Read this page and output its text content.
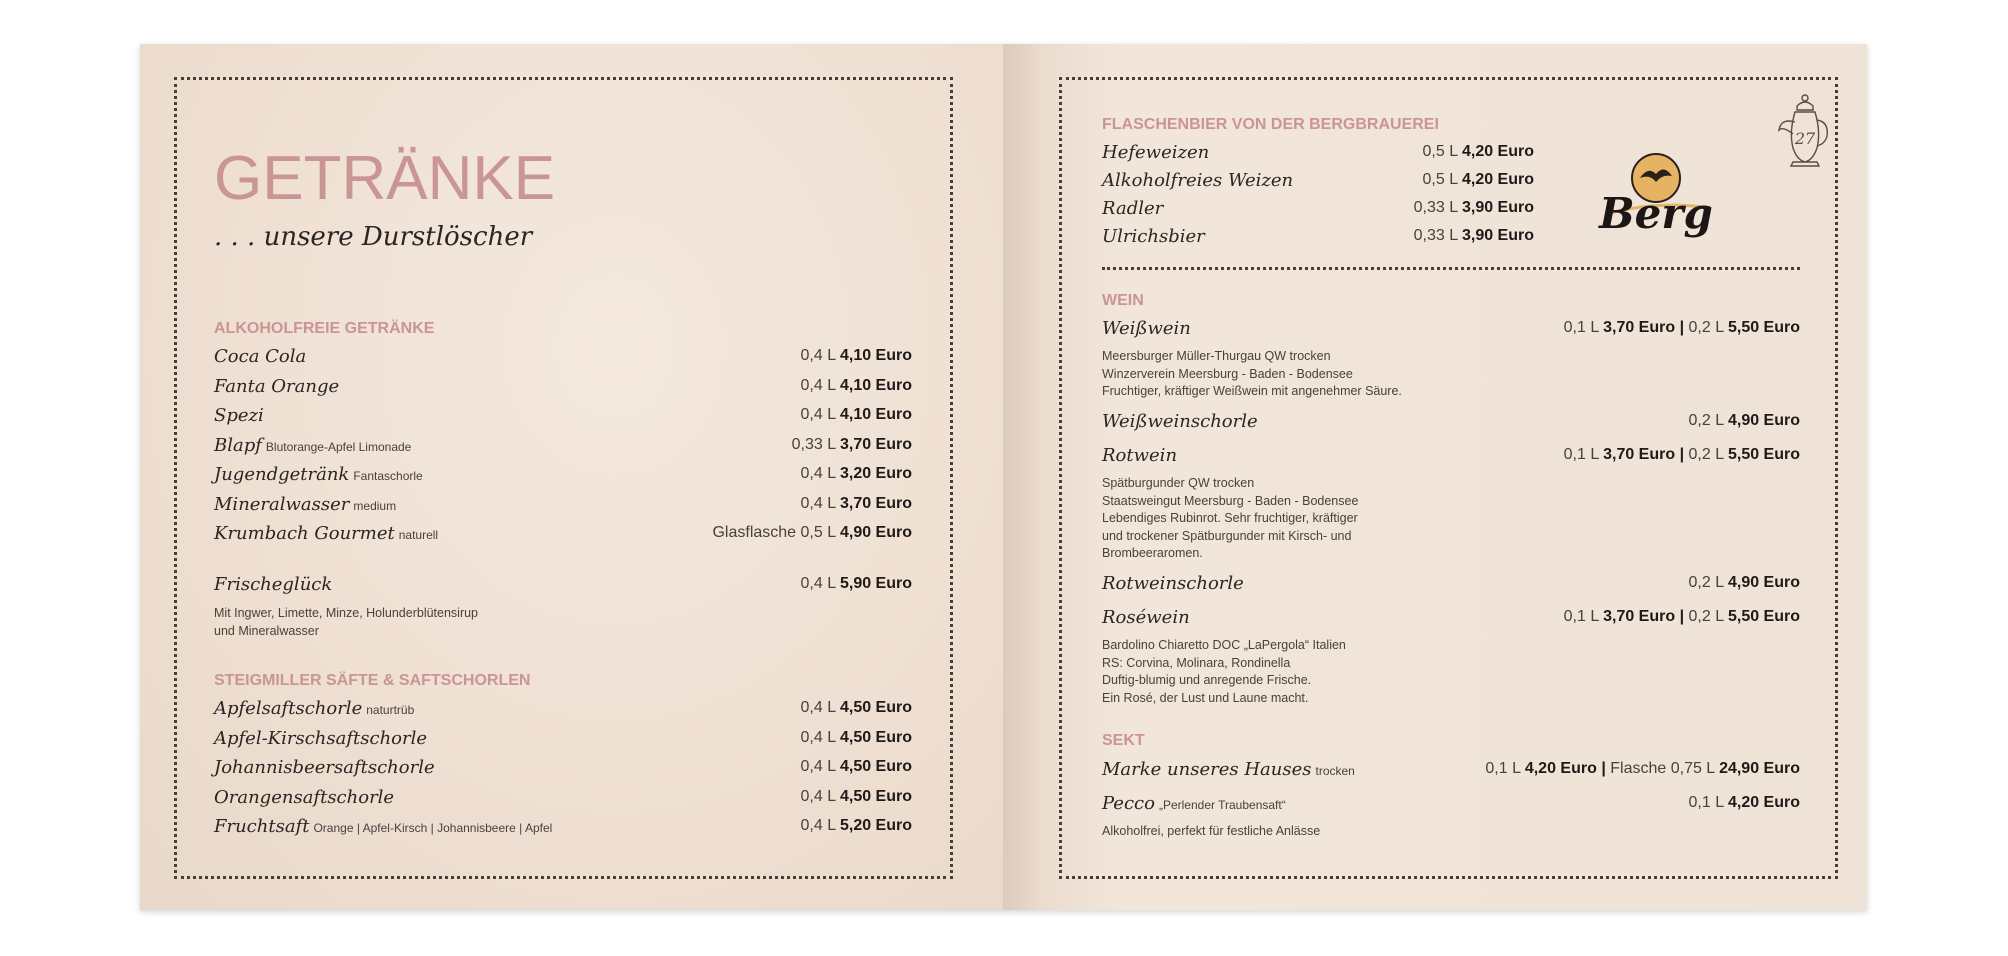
GETRÄNKE
. . . unsere Durstlöscher
ALKOHOLFREIE GETRÄNKE
Coca Cola	0,4 L 4,10 Euro
Fanta Orange	0,4 L 4,10 Euro
Spezi	0,4 L 4,10 Euro
Blapf Blutorange-Apfel Limonade	0,33 L 3,70 Euro
Jugendgetränk Fantaschorle	0,4 L 3,20 Euro
Mineralwasser medium	0,4 L 3,70 Euro
Krumbach Gourmet naturell	Glasflasche 0,5 L 4,90 Euro
Frischeglück	0,4 L 5,90 Euro
Mit Ingwer, Limette, Minze, Holunderblütensirup
und Mineralwasser
STEIGMILLER SÄFTE & SAFTSCHORLEN
Apfelsaftschorle naturtrüb	0,4 L 4,50 Euro
Apfel-Kirschsaftschorle	0,4 L 4,50 Euro
Johannisbeersaftschorle	0,4 L 4,50 Euro
Orangensaftschorle	0,4 L 4,50 Euro
Fruchtsaft Orange | Apfel-Kirsch | Johannisbeere | Apfel	0,4 L 5,20 Euro
27
FLASCHENBIER VON DER BERGBRAUEREI
Hefeweizen	0,5 L 4,20 Euro
Alkoholfreies Weizen	0,5 L 4,20 Euro
Radler	0,33 L 3,90 Euro
Ulrichsbier	0,33 L 3,90 Euro Berg
WEIN
Weißwein	0,1 L 3,70 Euro | 0,2 L 5,50 Euro
Meersburger Müller-Thurgau QW trocken
Winzerverein Meersburg - Baden - Bodensee
Fruchtiger, kräftiger Weißwein mit angenehmer Säure.
Weißweinschorle	0,2 L 4,90 Euro
Rotwein	0,1 L 3,70 Euro | 0,2 L 5,50 Euro
Spätburgunder QW trocken
Staatsweingut Meersburg - Baden - Bodensee
Lebendiges Rubinrot. Sehr fruchtiger, kräftiger
und trockener Spätburgunder mit Kirsch- und
Brombeeraromen.
Rotweinschorle	0,2 L 4,90 Euro
Roséwein	0,1 L 3,70 Euro | 0,2 L 5,50 Euro
Bardolino Chiaretto DOC „LaPergola“ Italien
RS: Corvina, Molinara, Rondinella
Duftig-blumig und anregende Frische.
Ein Rosé, der Lust und Laune macht.
SEKT
Marke unseres Hauses trocken	0,1 L 4,20 Euro | Flasche 0,75 L 24,90 Euro
Pecco „Perlender Traubensaft“	0,1 L 4,20 Euro
Alkoholfrei, perfekt für festliche Anlässe
